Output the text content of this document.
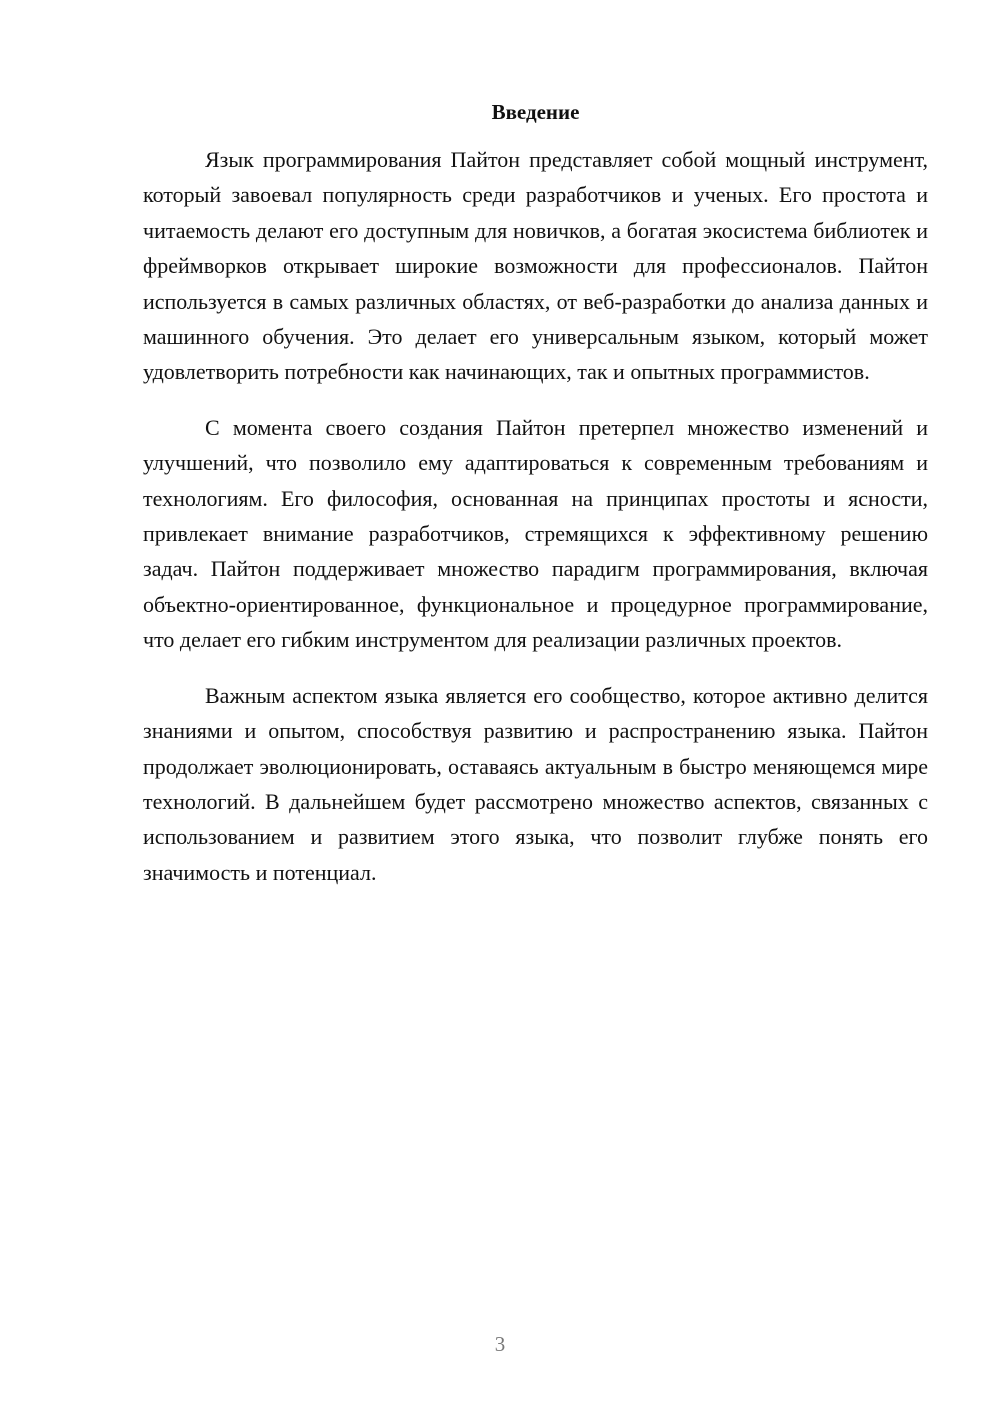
Введение

Язык программирования Пайтон представляет собой мощный инструмент, который завоевал популярность среди разработчиков и ученых. Его простота и читаемость делают его доступным для новичков, а богатая экосистема библиотек и фреймворков открывает широкие возможности для профессионалов. Пайтон используется в самых различных областях, от веб-разработки до анализа данных и машинного обучения. Это делает его универсальным языком, который может удовлетворить потребности как начинающих, так и опытных программистов.

С момента своего создания Пайтон претерпел множество изменений и улучшений, что позволило ему адаптироваться к современным требованиям и технологиям. Его философия, основанная на принципах простоты и ясности, привлекает внимание разработчиков, стремящихся к эффективному решению задач. Пайтон поддерживает множество парадигм программирования, включая объектно-ориентированное, функциональное и процедурное программирование, что делает его гибким инструментом для реализации различных проектов.

Важным аспектом языка является его сообщество, которое активно делится знаниями и опытом, способствуя развитию и распространению языка. Пайтон продолжает эволюционировать, оставаясь актуальным в быстро меняющемся мире технологий. В дальнейшем будет рассмотрено множество аспектов, связанных с использованием и развитием этого языка, что позволит глубже понять его значимость и потенциал.

3
